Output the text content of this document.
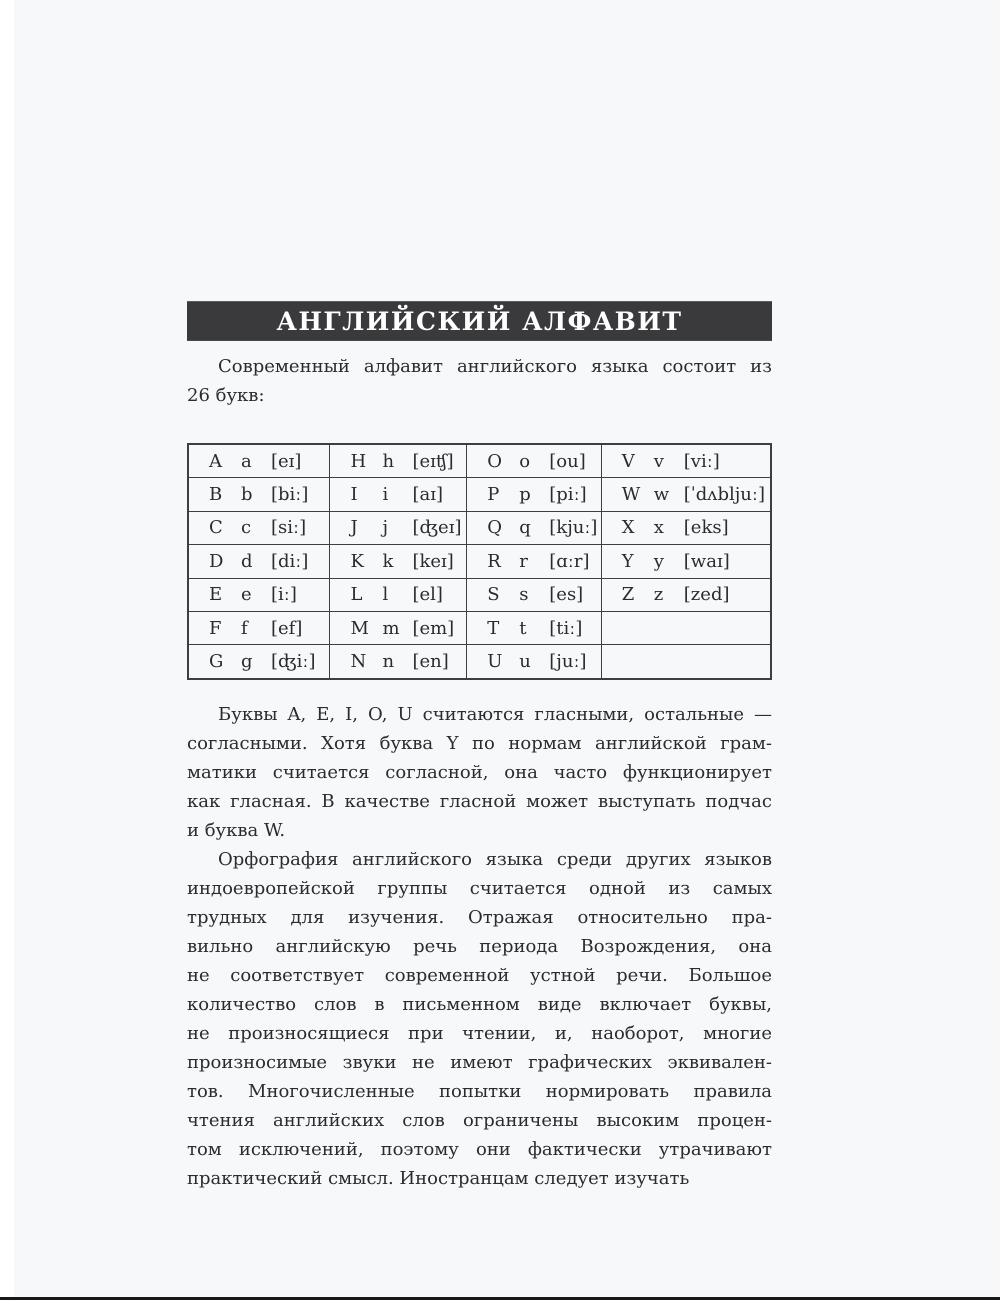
АНГЛИЙСКИЙ АЛФАВИТ
Современный алфавит английского языка состоит из
26 букв:
A a [eɪ]	H h [eɪʧ]	O o [ou]	V v [viː]

B b [biː]	I i [aɪ]	P p [piː]	W w [ˈdʌbljuː]

C c [siː]	J j [ʤeɪ]	Q q [kjuː]	X x [eks]

D d [diː]	K k [keɪ]	R r [ɑːr]	Y y [waɪ]

E e [iː]	L l [el]	S s [es]	Z z [zed]

F f [ef]	M m [em]	T t [tiː]	

G g [ʤiː]	N n [en]	U u [juː]	

Буквы A, E, I, O, U считаются гласными, остальные —
согласными. Хотя буква Y по нормам английской грам-
матики считается согласной, она часто функционирует
как гласная. В качестве гласной может выступать подчас
и буква W.
Орфография английского языка среди других языков
индоевропейской группы считается одной из самых
трудных для изучения. Отражая относительно пра-
вильно английскую речь периода Возрождения, она
не соответствует современной устной речи. Большое
количество слов в письменном виде включает буквы,
не произносящиеся при чтении, и, наоборот, многие
произносимые звуки не имеют графических эквивален-
тов. Многочисленные попытки нормировать правила
чтения английских слов ограничены высоким процен-
том исключений, поэтому они фактически утрачивают
практический смысл. Иностранцам следует изучать
